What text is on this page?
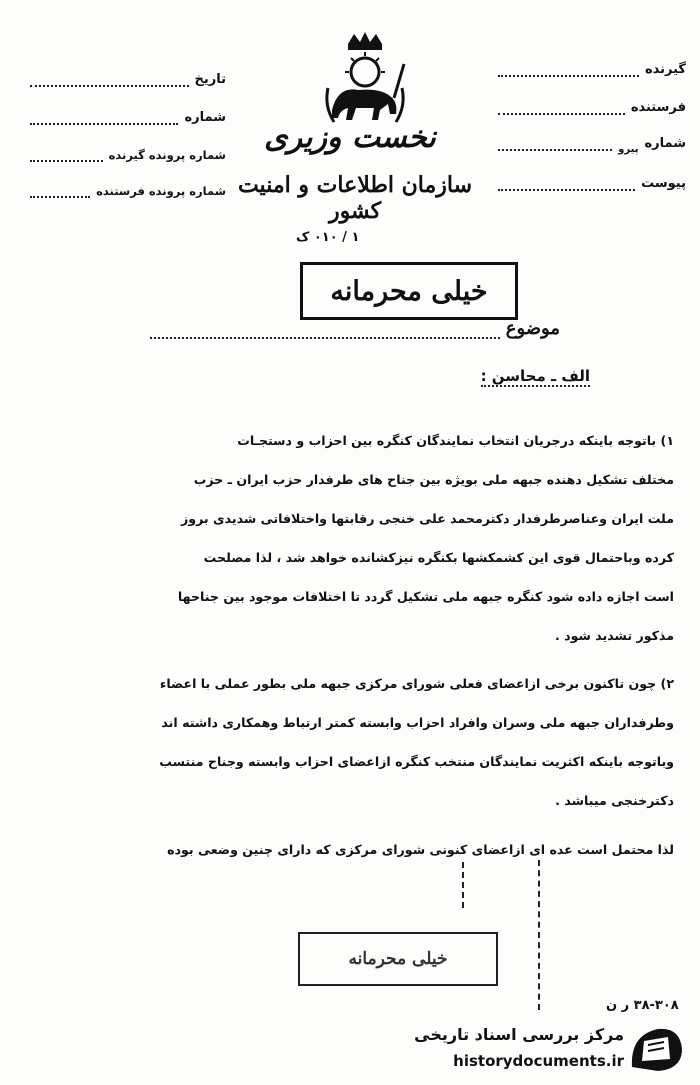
گیرنده
فرستنده
شماره
پیرو
پیوست
تاریخ
شماره
شماره پرونده گیرنده
شماره پرونده فرستنده
نخست وزیری
سازمان اطلاعات و امنیت کشور
۱ / ۰۱۰ ک
خیلی محرمانه
موضوع
الف ـ محاسن :
۱) باتوجه باینکه درجریان انتخاب نمایندگان کنگره بین احزاب و دستجـات
مختلف تشکیل دهنده جبهه ملی بویژه بین جناح های طرفدار حزب ایران ـ حزب
ملت ایران وعناصرطرفدار دکترمحمد علی خنجی رقابتها واختلافاتی شدیدی بروز
کرده وباحتمال قوی این کشمکشها بکنگره نیزکشانده خواهد شد ، لذا مصلحت
است اجازه داده شود کنگره جبهه ملی تشکیل گردد تا اختلافات موجود بین جناحها
مذکور تشدید شود .
۲) چون تاکنون برخی ازاعضای فعلی شورای مرکزی جبهه ملی بطور عملی با اعضاء
وطرفداران جبهه ملی وسران وافراد احزاب وابسته کمتر ارتباط وهمکاری داشته اند
وباتوجه باینکه اکثریت نمایندگان منتخب کنگره ازاعضای احزاب وابسته وجناح منتسب
دکترخنجی میباشد .
لذا محتمل است عده ای ازاعضای کنونی شورای مرکزی که دارای چنین وضعی بوده
خیلی محرمانه
۳۸-۳۰۸ ر ن
مرکز بررسی اسناد تاریخی
historydocuments.ir
